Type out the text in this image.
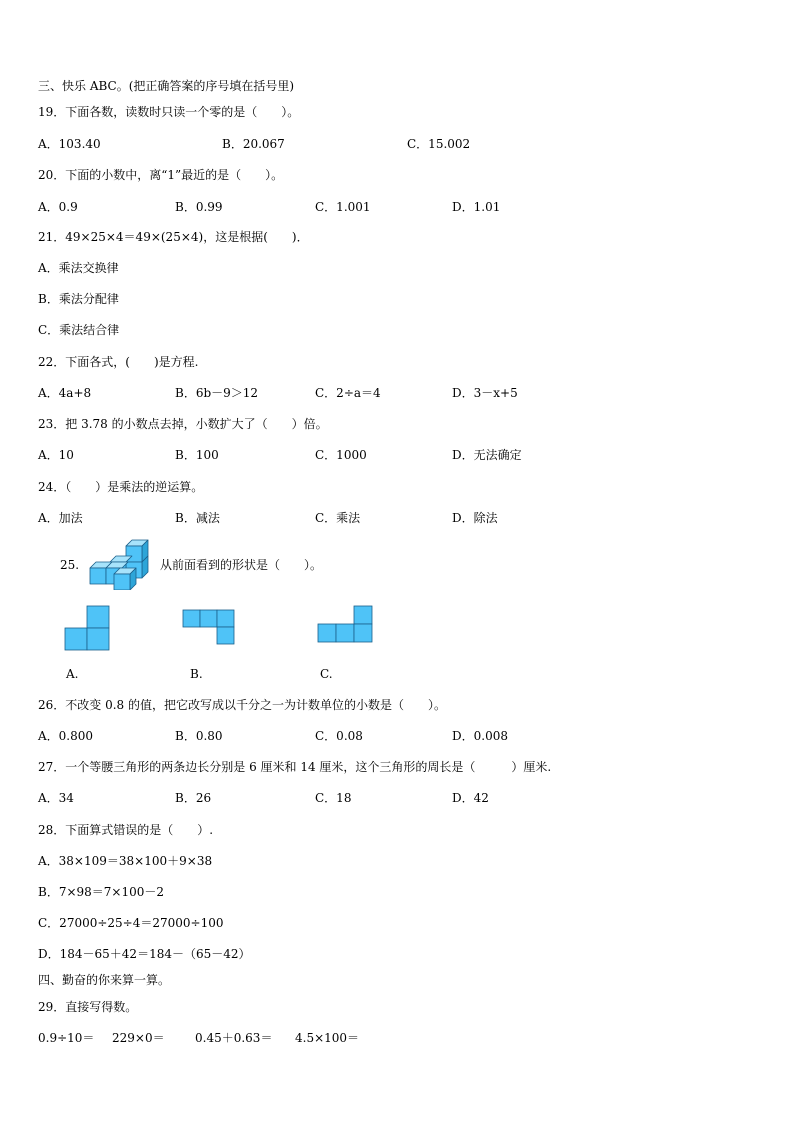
三、快乐 ABC。(把正确答案的序号填在括号里)
19．下面各数，读数时只读一个零的是（　　）。
A．103.40	B．20.067	C．15.002
20．下面的小数中，离“1”最近的是（　　）。
A．0.9	B．0.99	C．1.001	D．1.01
21．49×25×4＝49×(25×4)，这是根据(　　)．
A．乘法交换律
B．乘法分配律
C．乘法结合律
22．下面各式，(　　)是方程.
A．4a+8	B．6b－9＞12	C．2÷a＝4	D．3－x+5
23．把 3.78 的小数点去掉，小数扩大了（　　）倍。
A．10	B．100	C．1000	D．无法确定
24．（　　）是乘法的逆运算。
A．加法	B．减法	C．乘法	D．除法
25.	从前面看到的形状是（　　）。
A.	B.	C.
26．不改变 0.8 的值，把它改写成以千分之一为计数单位的小数是（　　）。
A．0.800	B．0.80	C．0.08	D．0.008
27．一个等腰三角形的两条边长分别是 6 厘米和 14 厘米，这个三角形的周长是（　　　）厘米.
A．34	B．26	C．18	D．42
28．下面算式错误的是（　　）.
A．38×109＝38×100＋9×38
B．7×98＝7×100－2
C．27000÷25÷4＝27000÷100
D．184－65＋42＝184－（65－42）
四、勤奋的你来算一算。
29．直接写得数。
0.9÷10＝ 229×0＝	0.45＋0.63＝ 4.5×100＝
